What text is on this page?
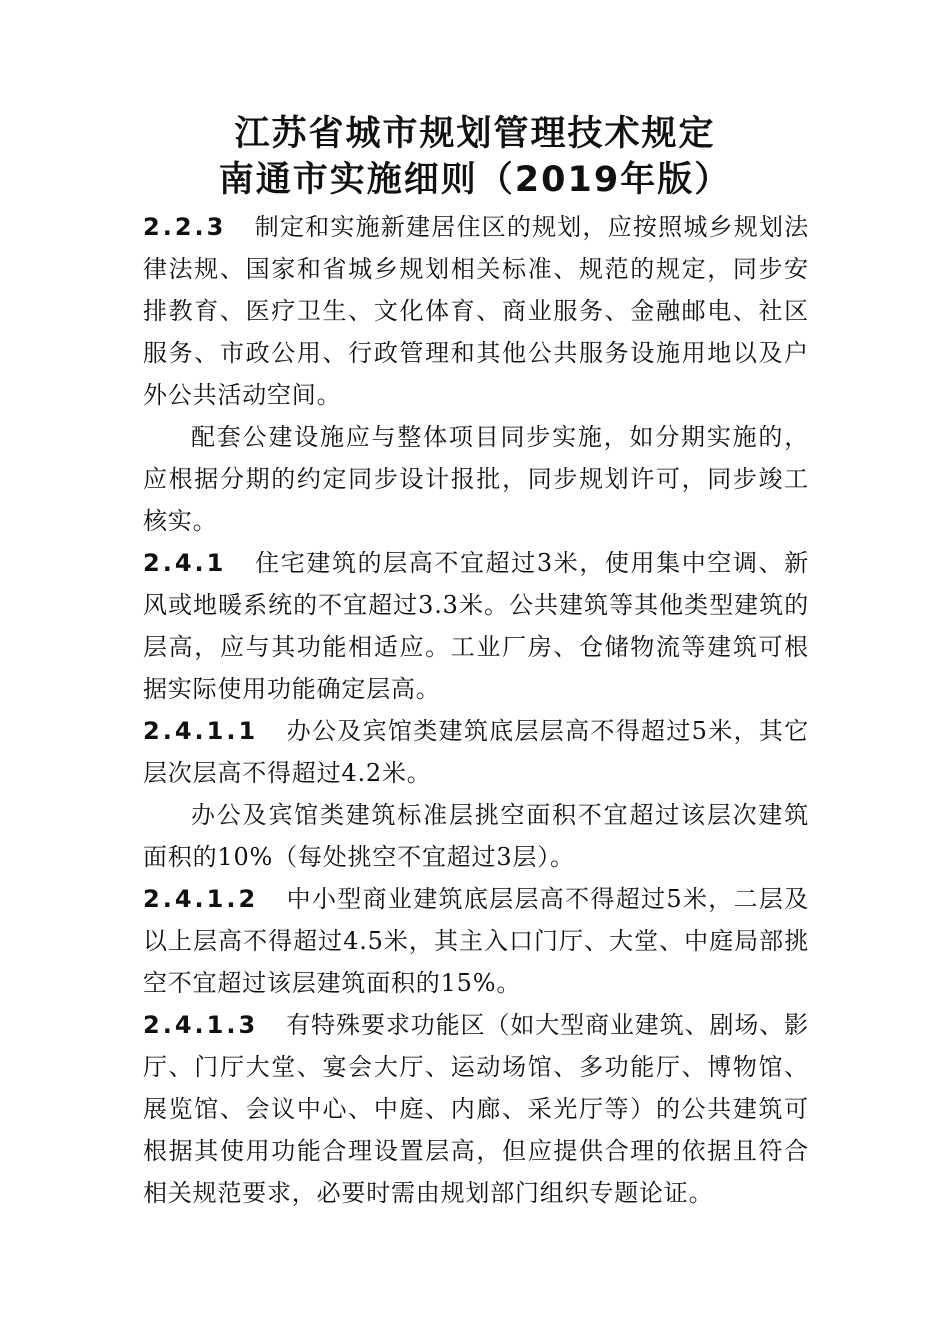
江苏省城市规划管理技术规定
南通市实施细则（2019年版）

2.2.3 制定和实施新建居住区的规划，应按照城乡规划法律法规、国家和省城乡规划相关标准、规范的规定，同步安排教育、医疗卫生、文化体育、商业服务、金融邮电、社区服务、市政公用、行政管理和其他公共服务设施用地以及户外公共活动空间。

配套公建设施应与整体项目同步实施，如分期实施的，应根据分期的约定同步设计报批，同步规划许可，同步竣工核实。

2.4.1 住宅建筑的层高不宜超过3米，使用集中空调、新风或地暖系统的不宜超过3.3米。公共建筑等其他类型建筑的层高，应与其功能相适应。工业厂房、仓储物流等建筑可根据实际使用功能确定层高。

2.4.1.1 办公及宾馆类建筑底层层高不得超过5米，其它层次层高不得超过4.2米。

办公及宾馆类建筑标准层挑空面积不宜超过该层次建筑面积的10%（每处挑空不宜超过3层）。

2.4.1.2 中小型商业建筑底层层高不得超过5米，二层及以上层高不得超过4.5米，其主入口门厅、大堂、中庭局部挑空不宜超过该层建筑面积的15%。

2.4.1.3 有特殊要求功能区（如大型商业建筑、剧场、影厅、门厅大堂、宴会大厅、运动场馆、多功能厅、博物馆、展览馆、会议中心、中庭、内廊、采光厅等）的公共建筑可根据其使用功能合理设置层高，但应提供合理的依据且符合相关规范要求，必要时需由规划部门组织专题论证。
